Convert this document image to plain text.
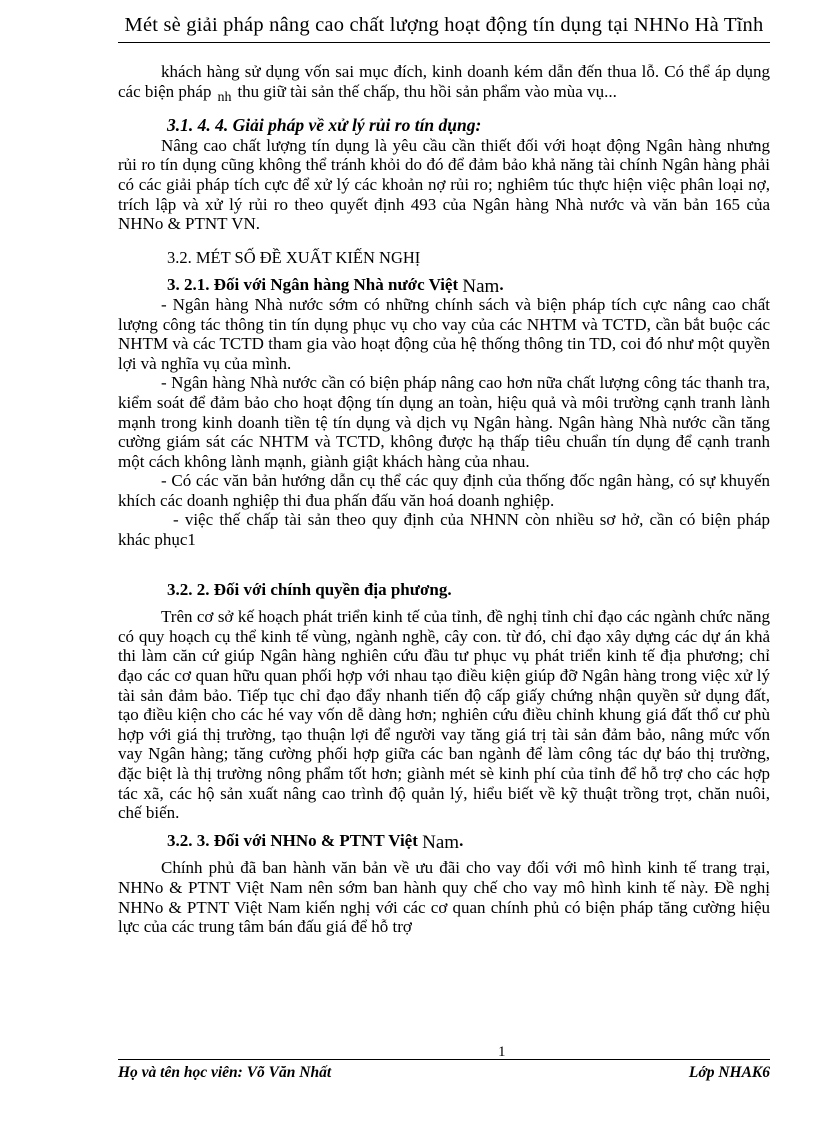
Mét sè giải pháp nâng cao chất lượng hoạt động tín dụng tại NHNo Hà Tĩnh

khách hàng sử dụng vốn sai mục đích, kinh doanh kém dẫn đến thua lỗ. Có thể áp dụng các biện pháp $_{nh}$ thu giữ tài sản thế chấp, thu hồi sản phẩm vào mùa vụ...

3.1. 4. 4. Giải pháp về xử lý rủi ro tín dụng:

Nâng cao chất lượng tín dụng là yêu cầu cần thiết đối với hoạt động Ngân hàng nhưng rủi ro tín dụng cũng không thể tránh khỏi do đó để đảm bảo khả năng tài chính Ngân hàng phải có các giải pháp tích cực để xử lý các khoản nợ rủi ro; nghiêm túc thực hiện việc phân loại nợ, trích lập và xử lý rủi ro theo quyết định 493 của Ngân hàng Nhà nước và văn bản 165 của NHNo & PTNT VN.

3.2. MÉT SỐ ĐỀ XUẤT KIẾN NGHỊ

3. 2.1. Đối với Ngân hàng Nhà nước Việt Nam.

- Ngân hàng Nhà nước sớm có những chính sách và biện pháp tích cực nâng cao chất lượng công tác thông tin tín dụng phục vụ cho vay của các NHTM và TCTD, cần bắt buộc các NHTM và các TCTD tham gia vào hoạt động của hệ thống thông tin TD, coi đó như một quyền lợi và nghĩa vụ của mình.

- Ngân hàng Nhà nước cần có biện pháp nâng cao hơn nữa chất lượng công tác thanh tra, kiểm soát để đảm bảo cho hoạt động tín dụng an toàn, hiệu quả và môi trường cạnh tranh lành mạnh trong kinh doanh tiền tệ tín dụng và dịch vụ Ngân hàng. Ngân hàng Nhà nước cần tăng cường giám sát các NHTM và TCTD, không được hạ thấp tiêu chuẩn tín dụng để cạnh tranh một cách không lành mạnh, giành giật khách hàng của nhau.

- Có các văn bản hướng dẫn cụ thể các quy định của thống đốc ngân hàng, có sự khuyến khích các doanh nghiệp thi đua phấn đấu văn hoá doanh nghiệp.

- việc thế chấp tài sản theo quy định của NHNN còn nhiều sơ hở, cần có biện pháp khác phục1

3.2. 2. Đối với chính quyền địa phương.

Trên cơ sở kế hoạch phát triển kinh tế của tỉnh, đề nghị tỉnh chỉ đạo các ngành chức năng có quy hoạch cụ thể kinh tế vùng, ngành nghề, cây con. từ đó, chỉ đạo xây dựng các dự án khả thi làm căn cứ giúp Ngân hàng nghiên cứu đầu tư phục vụ phát triển kinh tế địa phương; chỉ đạo các cơ quan hữu quan phối hợp với nhau tạo điều kiện giúp đỡ Ngân hàng trong việc xử lý tài sản đảm bảo. Tiếp tục chỉ đạo đẩy nhanh tiến độ cấp giấy chứng nhận quyền sử dụng đất, tạo điều kiện cho các hé vay vốn dễ dàng hơn; nghiên cứu điều chỉnh khung giá đất thổ cư phù hợp với giá thị trường, tạo thuận lợi để người vay tăng giá trị tài sản đảm bảo, nâng mức vốn vay Ngân hàng; tăng cường phối hợp giữa các ban ngành để làm công tác dự báo thị trường, đặc biệt là thị trường nông phẩm tốt hơn; giành mét sè kinh phí của tỉnh để hỗ trợ cho các hợp tác xã, các hộ sản xuất nâng cao trình độ quản lý, hiểu biết về kỹ thuật trồng trọt, chăn nuôi, chế biến.

3.2. 3. Đối với NHNo & PTNT Việt Nam.

Chính phủ đã ban hành văn bản về ưu đãi cho vay đối với mô hình kinh tế trang trại, NHNo & PTNT Việt Nam nên sớm ban hành quy chế cho vay mô hình kinh tế này. Đề nghị NHNo & PTNT Việt Nam kiến nghị với các cơ quan chính phủ có biện pháp tăng cường hiệu lực của các trung tâm bán đấu giá để hỗ trợ

1
Họ và tên học viên: Võ Văn Nhất	Lớp NHAK6
